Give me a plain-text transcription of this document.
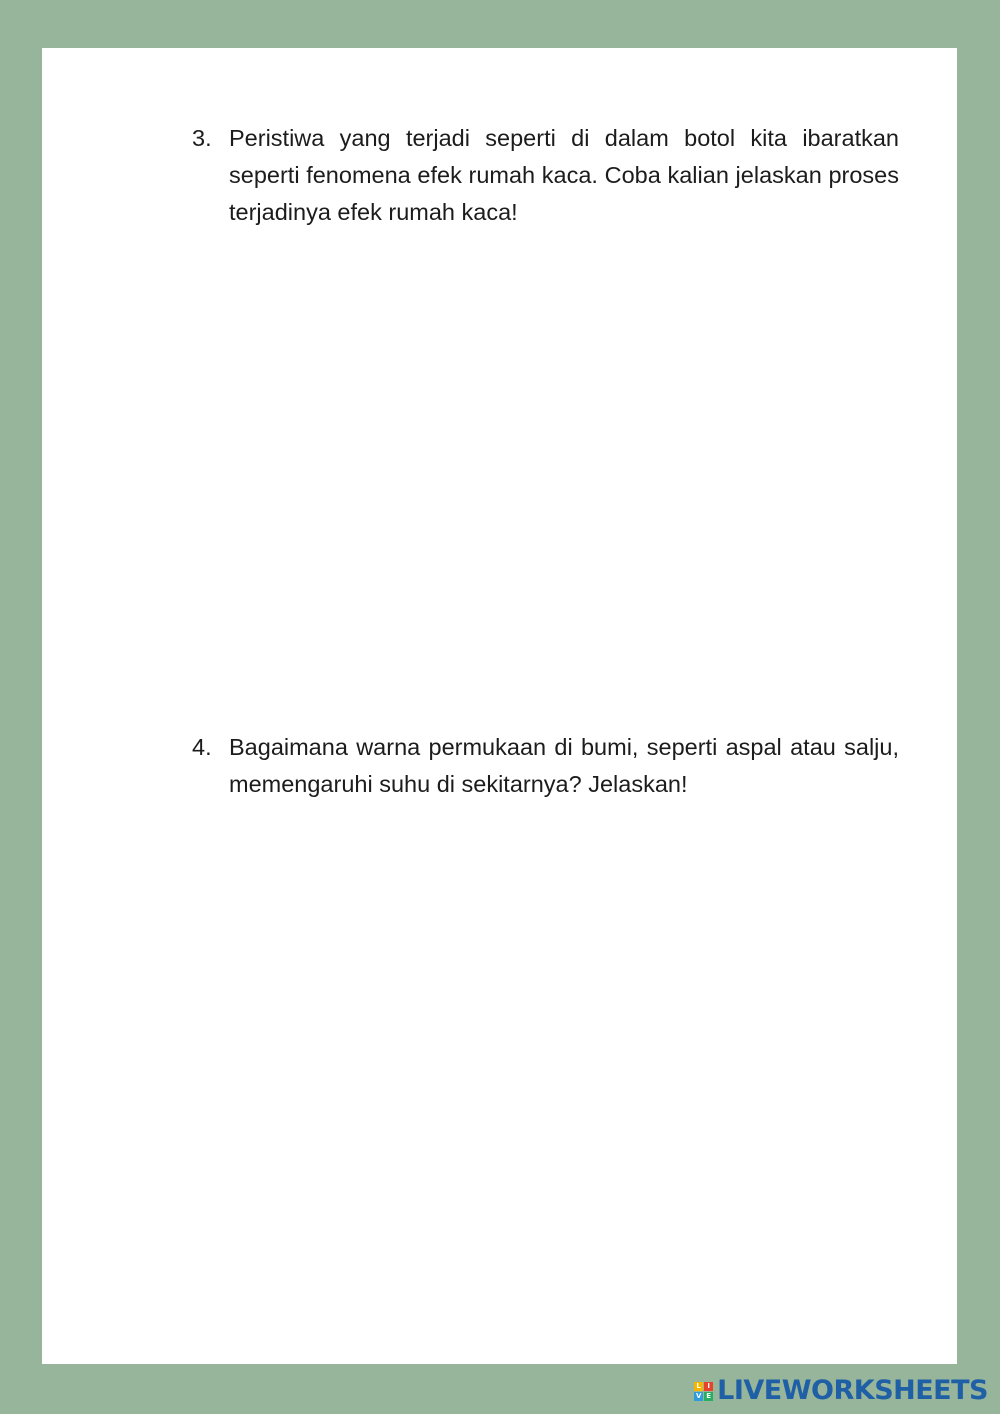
3. Peristiwa yang terjadi seperti di dalam botol kita ibaratkan seperti fenomena efek rumah kaca. Coba kalian jelaskan proses terjadinya efek rumah kaca!
4. Bagaimana warna permukaan di bumi, seperti aspal atau salju, memengaruhi suhu di sekitarnya? Jelaskan!
L I
V E LIVEWORKSHEETS
